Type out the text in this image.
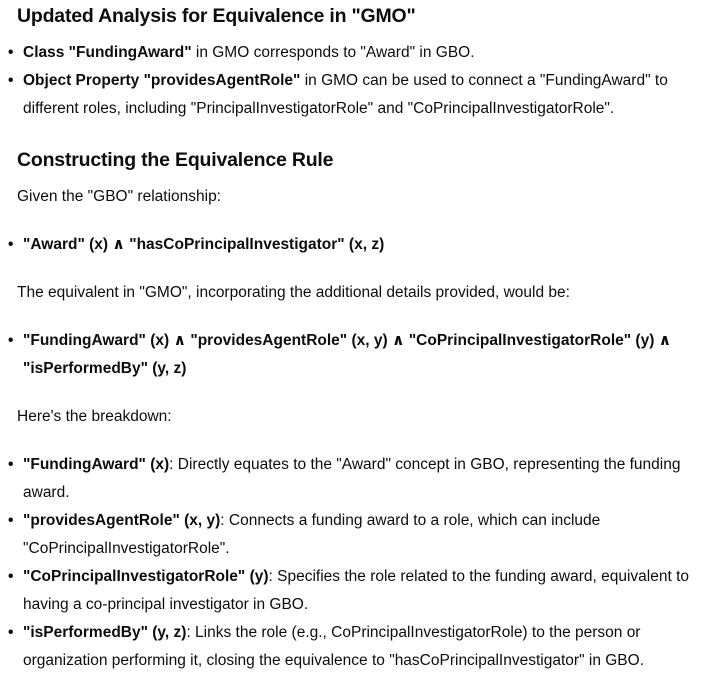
Updated Analysis for Equivalence in "GMO"
• Class "FundingAward" in GMO corresponds to "Award" in GBO.
• Object Property "providesAgentRole" in GMO can be used to connect a "FundingAward" to different roles, including "PrincipalInvestigatorRole" and "CoPrincipalInvestigatorRole".
Constructing the Equivalence Rule

Given the "GBO" relationship:

• "Award" (x) ∧ "hasCoPrincipalInvestigator" (x, z)

The equivalent in "GMO", incorporating the additional details provided, would be:

• "FundingAward" (x) ∧ "providesAgentRole" (x, y) ∧ "CoPrincipalInvestigatorRole" (y) ∧ "isPerformedBy" (y, z)

Here's the breakdown:

• "FundingAward" (x): Directly equates to the "Award" concept in GBO, representing the funding award.
• "providesAgentRole" (x, y): Connects a funding award to a role, which can include "CoPrincipalInvestigatorRole".
• "CoPrincipalInvestigatorRole" (y): Specifies the role related to the funding award, equivalent to having a co-principal investigator in GBO.
• "isPerformedBy" (y, z): Links the role (e.g., CoPrincipalInvestigatorRole) to the person or organization performing it, closing the equivalence to "hasCoPrincipalInvestigator" in GBO.
